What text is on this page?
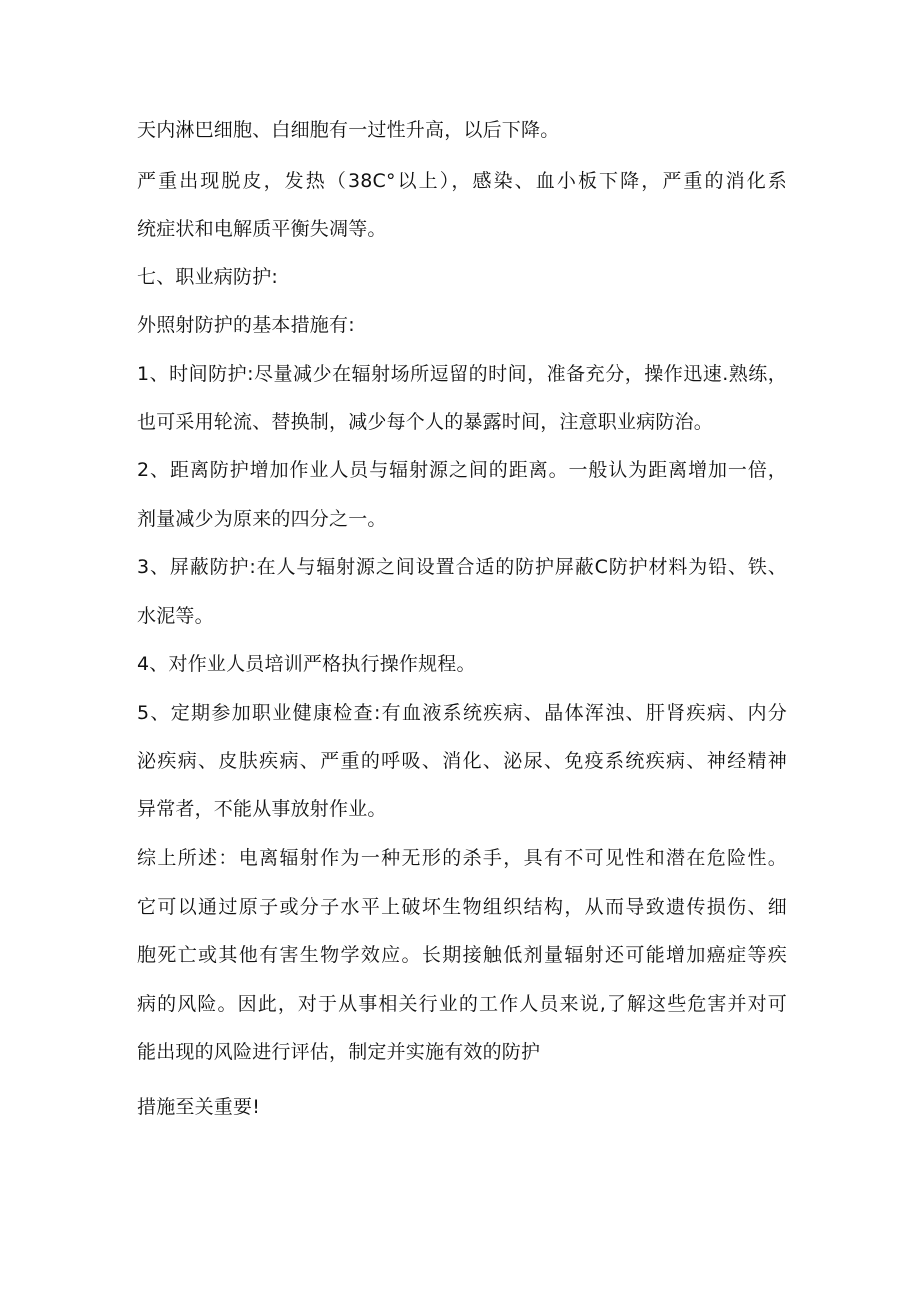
天内淋巴细胞、白细胞有一过性升高，以后下降。
严重出现脱皮，发热（38C°以上），感染、血小板下降，严重的消化系
统症状和电解质平衡失凋等。
七、职业病防护:
外照射防护的基本措施有:
1、时间防护:尽量减少在辐射场所逗留的时间，准备充分，操作迅速.熟练，
也可采用轮流、替换制，减少每个人的暴露时间，注意职业病防治。
2、距离防护增加作业人员与辐射源之间的距离。一般认为距离增加一倍，
剂量减少为原来的四分之一。
3、屏蔽防护:在人与辐射源之间设置合适的防护屏蔽C防护材料为铅、铁、
水泥等。
4、对作业人员培训严格执行操作规程。
5、定期参加职业健康检查:有血液系统疾病、晶体浑浊、肝肾疾病、内分
泌疾病、皮肤疾病、严重的呼吸、消化、泌尿、免疫系统疾病、神经精神
异常者，不能从事放射作业。
综上所述：电离辐射作为一种无形的杀手，具有不可见性和潜在危险性。
它可以通过原子或分子水平上破坏生物组织结构，从而导致遗传损伤、细
胞死亡或其他有害生物学效应。长期接触低剂量辐射还可能增加癌症等疾
病的风险。因此，对于从事相关行业的工作人员来说,了解这些危害并对可
能出现的风险进行评估，制定并实施有效的防护
措施至关重要!
